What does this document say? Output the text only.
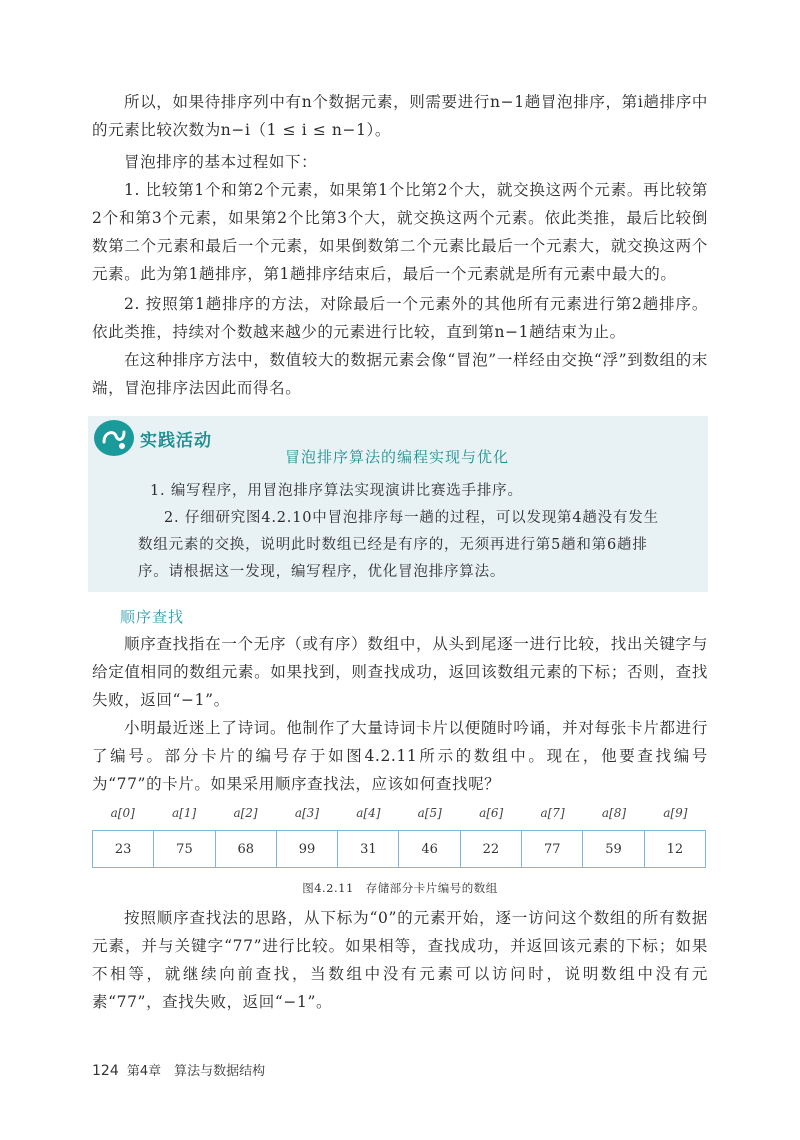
所以，如果待排序列中有n个数据元素，则需要进行n−1趟冒泡排序，第i趟排序中的元素比较次数为n−i（1 ≤ i ≤ n−1）。

冒泡排序的基本过程如下：

1. 比较第1个和第2个元素，如果第1个比第2个大，就交换这两个元素。再比较第2个和第3个元素，如果第2个比第3个大，就交换这两个元素。依此类推，最后比较倒数第二个元素和最后一个元素，如果倒数第二个元素比最后一个元素大，就交换这两个元素。此为第1趟排序，第1趟排序结束后，最后一个元素就是所有元素中最大的。

2. 按照第1趟排序的方法，对除最后一个元素外的其他所有元素进行第2趟排序。依此类推，持续对个数越来越少的元素进行比较，直到第n−1趟结束为止。

在这种排序方法中，数值较大的数据元素会像“冒泡”一样经由交换“浮”到数组的末端，冒泡排序法因此而得名。

实践活动
冒泡排序算法的编程实现与优化

1. 编写程序，用冒泡排序算法实现演讲比赛选手排序。

2. 仔细研究图4.2.10中冒泡排序每一趟的过程，可以发现第4趟没有发生数组元素的交换，说明此时数组已经是有序的，无须再进行第5趟和第6趟排序。请根据这一发现，编写程序，优化冒泡排序算法。

顺序查找

顺序查找指在一个无序（或有序）数组中，从头到尾逐一进行比较，找出关键字与给定值相同的数组元素。如果找到，则查找成功，返回该数组元素的下标；否则，查找失败，返回“−1”。

小明最近迷上了诗词。他制作了大量诗词卡片以便随时吟诵，并对每张卡片都进行了编号。部分卡片的编号存于如图4.2.11所示的数组中。现在，他要查找编号为“77”的卡片。如果采用顺序查找法，应该如何查找呢？

a[0]	a[1]	a[2]	a[3]	a[4]	a[5]	a[6]	a[7]	a[8]	a[9]
23	75	68	99	31	46	22	77	59	12
图4.2.11　存储部分卡片编号的数组

按照顺序查找法的思路，从下标为“0”的元素开始，逐一访问这个数组的所有数据元素，并与关键字“77”进行比较。如果相等，查找成功，并返回该元素的下标；如果不相等，就继续向前查找，当数组中没有元素可以访问时，说明数组中没有元素“77”，查找失败，返回“−1”。

124 第4章　算法与数据结构
